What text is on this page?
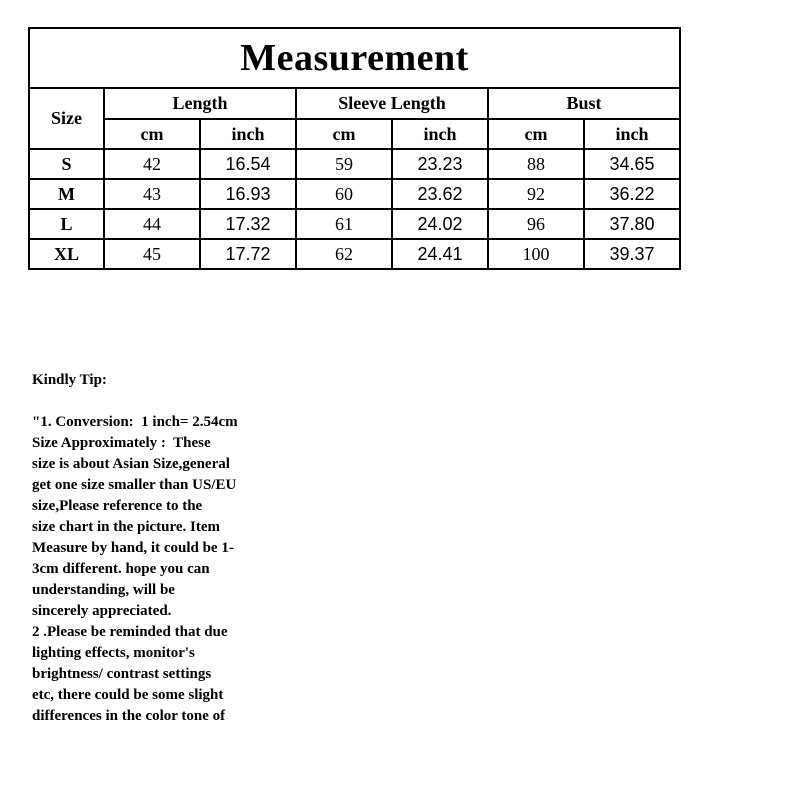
Measurement						
Size	Length		Sleeve Length		Bust	
	cm	inch	cm	inch	cm	inch
S	42	16.54	59	23.23	88	34.65
M	43	16.93	60	23.62	92	36.22
L	44	17.32	61	24.02	96	37.80
XL	45	17.72	62	24.41	100	39.37
Kindly Tip:
"1. Conversion:  1 inch= 2.54cm
Size Approximately :  These
size is about Asian Size,general
get one size smaller than US/EU
size,Please reference to the
size chart in the picture. Item
Measure by hand, it could be 1-
3cm different. hope you can
understanding, will be
sincerely appreciated.
2 .Please be reminded that due
lighting effects, monitor's
brightness/ contrast settings
etc, there could be some slight
differences in the color tone of
